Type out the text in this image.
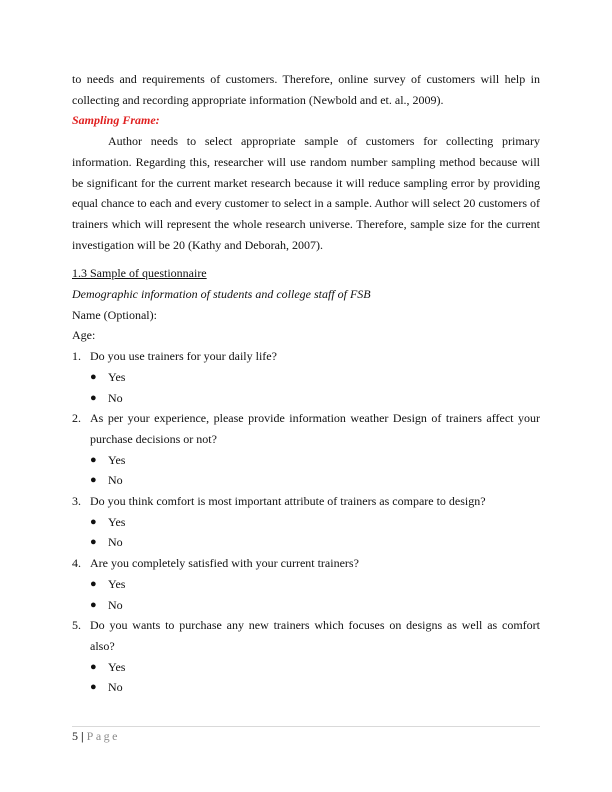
to needs and requirements of customers. Therefore, online survey of customers will help in collecting and recording appropriate information (Newbold and et. al., 2009).

Sampling Frame:

Author needs to select appropriate sample of customers for collecting primary information. Regarding this, researcher will use random number sampling method because will be significant for the current market research because it will reduce sampling error by providing equal chance to each and every customer to select in a sample. Author will select 20 customers of trainers which will represent the whole research universe. Therefore, sample size for the current investigation will be 20 (Kathy and Deborah, 2007).

1.3 Sample of questionnaire

Demographic information of students and college staff of FSB

Name (Optional):

Age:

1. Do you use trainers for your daily life?
● Yes
● No
2. As per your experience, please provide information weather Design of trainers affect your purchase decisions or not?
● Yes
● No
3. Do you think comfort is most important attribute of trainers as compare to design?
● Yes
● No
4. Are you completely satisfied with your current trainers?
● Yes
● No
5. Do you wants to purchase any new trainers which focuses on designs as well as comfort also?
● Yes
● No
5 | Page
